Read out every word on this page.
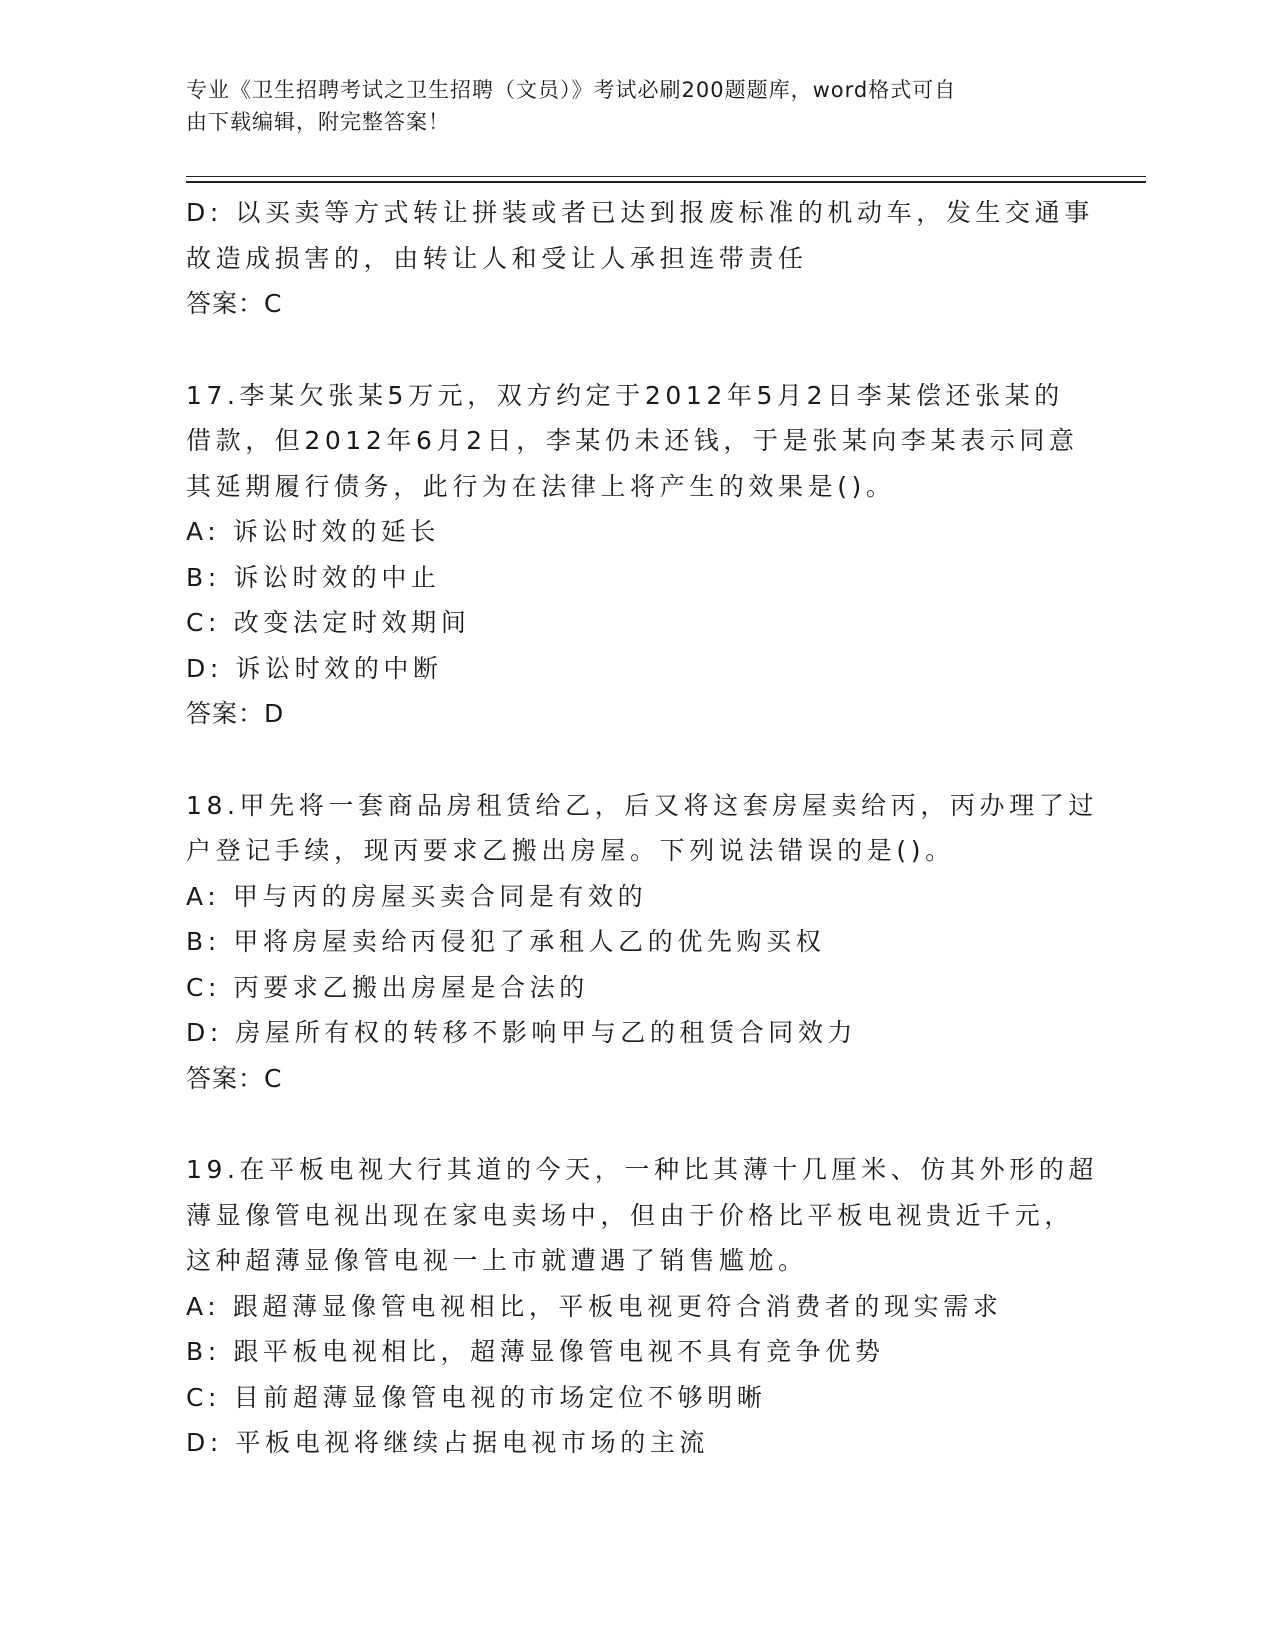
专业《卫生招聘考试之卫生招聘（文员）》考试必刷200题题库，word格式可自
由下载编辑，附完整答案！
D: 以买卖等方式转让拼装或者已达到报废标准的机动车，发生交通事
故造成损害的，由转让人和受让人承担连带责任
答案：C
17.李某欠张某5万元，双方约定于2012年5月2日李某偿还张某的
借款，但2012年6月2日，李某仍未还钱，于是张某向李某表示同意
其延期履行债务，此行为在法律上将产生的效果是()。
A: 诉讼时效的延长
B: 诉讼时效的中止
C: 改变法定时效期间
D: 诉讼时效的中断
答案：D
18.甲先将一套商品房租赁给乙，后又将这套房屋卖给丙，丙办理了过
户登记手续，现丙要求乙搬出房屋。下列说法错误的是()。
A: 甲与丙的房屋买卖合同是有效的
B: 甲将房屋卖给丙侵犯了承租人乙的优先购买权
C: 丙要求乙搬出房屋是合法的
D: 房屋所有权的转移不影响甲与乙的租赁合同效力
答案：C
19.在平板电视大行其道的今天，一种比其薄十几厘米、仿其外形的超
薄显像管电视出现在家电卖场中，但由于价格比平板电视贵近千元，
这种超薄显像管电视一上市就遭遇了销售尴尬。
A: 跟超薄显像管电视相比，平板电视更符合消费者的现实需求
B: 跟平板电视相比，超薄显像管电视不具有竞争优势
C: 目前超薄显像管电视的市场定位不够明晰
D: 平板电视将继续占据电视市场的主流
